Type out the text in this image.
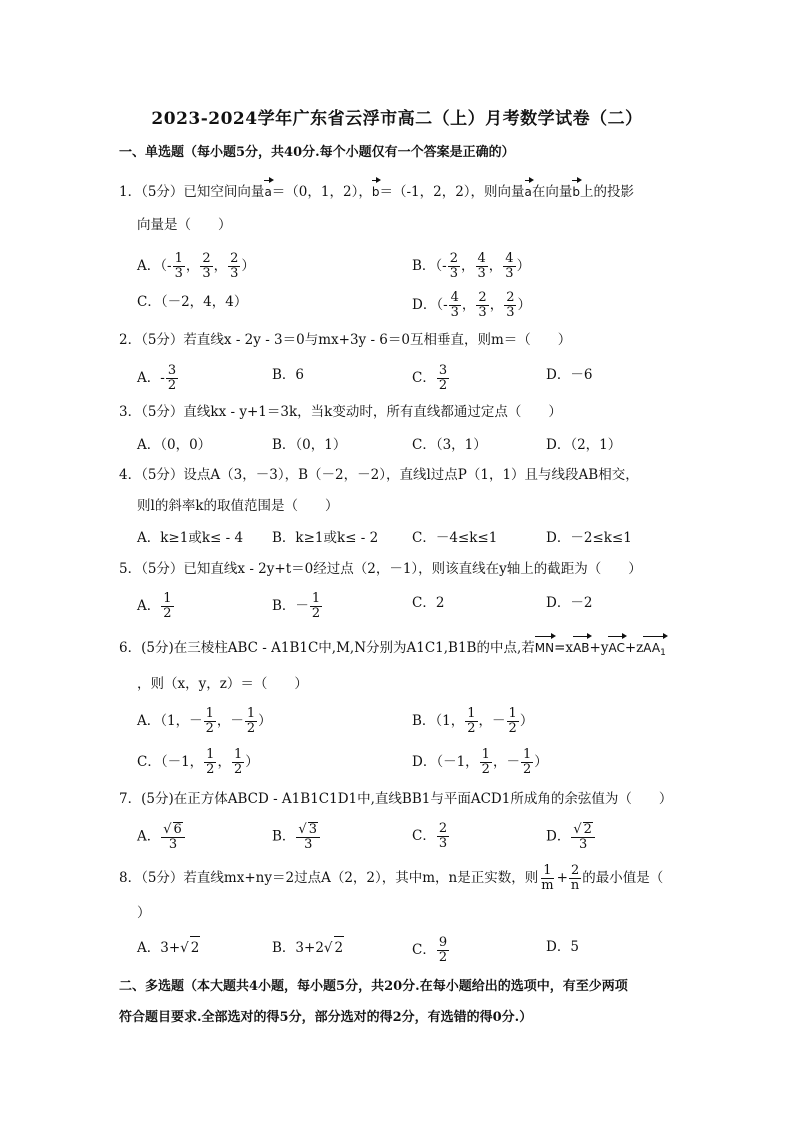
2023-2024学年广东省云浮市高二（上）月考数学试卷（二）
一、单选题（每小题5分，共40分.每个小题仅有一个答案是正确的）
1．（5分）已知空间向量a＝（0，1，2），b＝（-1，2，2），则向量a在向量b上的投影
向量是（　　）
A．（- $\frac{1}{3}$ ， $\frac{2}{3}$ ， $\frac{2}{3}$ ）	B．（- $\frac{2}{3}$ ， $\frac{4}{3}$ ， $\frac{4}{3}$ ）
C．（－2，4，4）	D．（- $\frac{4}{3}$ ， $\frac{2}{3}$ ， $\frac{2}{3}$ ）
2．（5分）若直线x - 2y - 3＝0与mx+3y - 6＝0互相垂直，则m＝（　　）
A．- $\frac{3}{2}$	B．6	C． $\frac{3}{2}$	D．－6
3．（5分）直线kx - y+1＝3k，当k变动时，所有直线都通过定点（　　）
A．（0，0）	B．（0，1）	C．（3，1）	D．（2，1）
4．（5分）设点A（3，－3），B（－2，－2），直线l过点P（1，1）且与线段AB相交，
则l的斜率k的取值范围是（　　）
A．k≥1或k≤ - 4 B．k≥1或k≤ - 2	C．－4≤k≤1	D．－2≤k≤1
5．（5分）已知直线x - 2y+t＝0经过点（2，－1），则该直线在y轴上的截距为（　　）
A． $\frac{1}{2}$	B．－ $\frac{1}{2}$	C．2	D．－2
6．(5分)在三棱柱ABC - A1B1C中,M,N分别为A1C1,B1B的中点,若MN=xAB+yAC+zAA$_1$
，则（x，y，z）＝（　　）
A．（1，－ $\frac{1}{2}$ ，－ $\frac{1}{2}$ ）	B．（1， $\frac{1}{2}$ ，－ $\frac{1}{2}$ ）
C．（－1， $\frac{1}{2}$ ， $\frac{1}{2}$ ）	D．（－1， $\frac{1}{2}$ ，－ $\frac{1}{2}$ ）
7．(5分)在正方体ABCD - A1B1C1D1中,直线BB1与平面ACD1所成角的余弦值为（　　）
A． $\frac{√ 6}{3}$	B． $\frac{√ 3}{3}$	C． $\frac{2}{3}$	D． $\frac{√ 2}{3}$
8．（5分）若直线mx+ny＝2过点A（2，2），其中m，n是正实数，则 $\frac{1}{m} + \frac{2}{n}$ 的最小值是（
）
A．3+√ 2	B．3+2√ 2	C． $\frac{9}{2}$	D．5
二、多选题（本大题共4小题，每小题5分，共20分.在每小题给出的选项中，有至少两项
符合题目要求.全部选对的得5分，部分选对的得2分，有选错的得0分.）
